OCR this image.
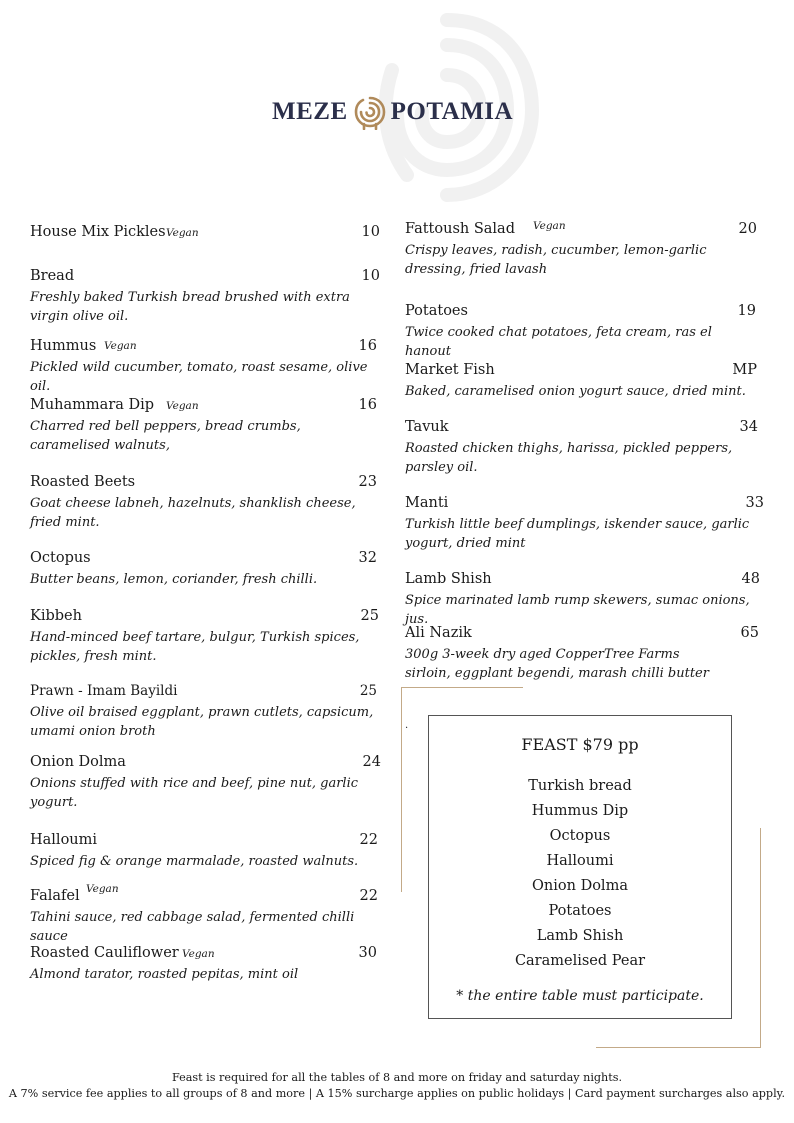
MEZE POTAMIA
House Mix Pickles Vegan	10
Bread	10
Freshly baked Turkish bread brushed with extra virgin olive oil.
Hummus Vegan	16
Pickled wild cucumber, tomato, roast sesame, olive oil.
Muhammara Dip Vegan	16
Charred red bell peppers, bread crumbs, caramelised walnuts,
Roasted Beets	23
Goat cheese labneh, hazelnuts, shanklish cheese, fried mint.
Octopus	32
Butter beans, lemon, coriander, fresh chilli.
Kibbeh	25
Hand-minced beef tartare, bulgur, Turkish spices, pickles, fresh mint.
Prawn - Imam Bayildi	25
Olive oil braised eggplant, prawn cutlets, capsicum, umami onion broth
Onion Dolma	24
Onions stuffed with rice and beef, pine nut, garlic yogurt.
Halloumi	22
Spiced fig & orange marmalade, roasted walnuts.
Falafel Vegan	22
Tahini sauce, red cabbage salad, fermented chilli sauce
Roasted Cauliflower Vegan	30
Almond tarator, roasted pepitas, mint oil
Fattoush Salad Vegan	20
Crispy leaves, radish, cucumber, lemon-garlic dressing, fried lavash
Potatoes	19
Twice cooked chat potatoes, feta cream, ras el hanout
Market Fish	MP
Baked, caramelised onion yogurt sauce, dried mint.
Tavuk	34
Roasted chicken thighs, harissa, pickled peppers, parsley oil.
Manti	33
Turkish little beef dumplings, iskender sauce, garlic yogurt, dried mint
Lamb Shish	48
Spice marinated lamb rump skewers, sumac onions, jus.
Ali Nazik	65
300g 3-week dry aged CopperTree Farms sirloin, eggplant begendi, marash chilli butter
.
FEAST $79 pp
Turkish bread
Hummus Dip
Octopus
Halloumi
Onion Dolma
Potatoes
Lamb Shish
Caramelised Pear
* the entire table must participate.
Feast is required for all the tables of 8 and more on friday and saturday nights.
A 7% service fee applies to all groups of 8 and more | A 15% surcharge applies on public holidays | Card payment surcharges also apply.
